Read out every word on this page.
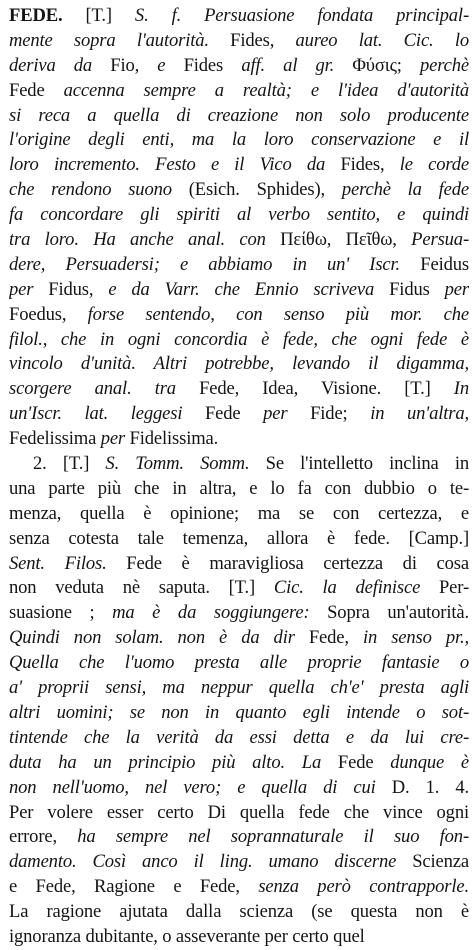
FEDE. [T.] S. f. Persuasione fondata principal-
mente sopra l'autorità. Fides, aureo lat. Cic. lo
deriva da Fio, e Fides aff. al gr. Φύσις; perchè
Fede accenna sempre a realtà; e l'idea d'autorità
si reca a quella di creazione non solo producente
l'origine degli enti, ma la loro conservazione e il
loro incremento. Festo e il Vico da Fides, le corde
che rendono suono (Esich. Sphides), perchè la fede
fa concordare gli spiriti al verbo sentito, e quindi
tra loro. Ha anche anal. con Πείθω, Πεῖθω, Persua-
dere, Persuadersi; e abbiamo in un' Iscr. Feidus
per Fidus, e da Varr. che Ennio scriveva Fidus per
Foedus, forse sentendo, con senso più mor. che
filol., che in ogni concordia è fede, che ogni fede è
vincolo d'unità. Altri potrebbe, levando il digamma,
scorgere anal. tra Fede, Idea, Visione. [T.] In
un'Iscr. lat. leggesi Fede per Fide; in un'altra,
Fedelissima per Fidelissima.
2. [T.] S. Tomm. Somm. Se l'intelletto inclina in
una parte più che in altra, e lo fa con dubbio o te-
menza, quella è opinione; ma se con certezza, e
senza cotesta tale temenza, allora è fede. [Camp.]
Sent. Filos. Fede è maravigliosa certezza di cosa
non veduta nè saputa. [T.] Cic. la definisce Per-
suasione ; ma è da soggiungere: Sopra un'autorità.
Quindi non solam. non è da dir Fede, in senso pr.,
Quella che l'uomo presta alle proprie fantasie o
a' proprii sensi, ma neppur quella ch'e' presta agli
altri uomini; se non in quanto egli intende o sot-
tintende che la verità da essi detta e da lui cre-
duta ha un principio più alto. La Fede dunque è
non nell'uomo, nel vero; e quella di cui D. 1. 4.
Per volere esser certo Di quella fede che vince ogni
errore, ha sempre nel soprannaturale il suo fon-
damento. Così anco il ling. umano discerne Scienza
e Fede, Ragione e Fede, senza però contrapporle.
La ragione ajutata dalla scienza (se questa non è
ignoranza dubitante, o asseverante per certo quel
